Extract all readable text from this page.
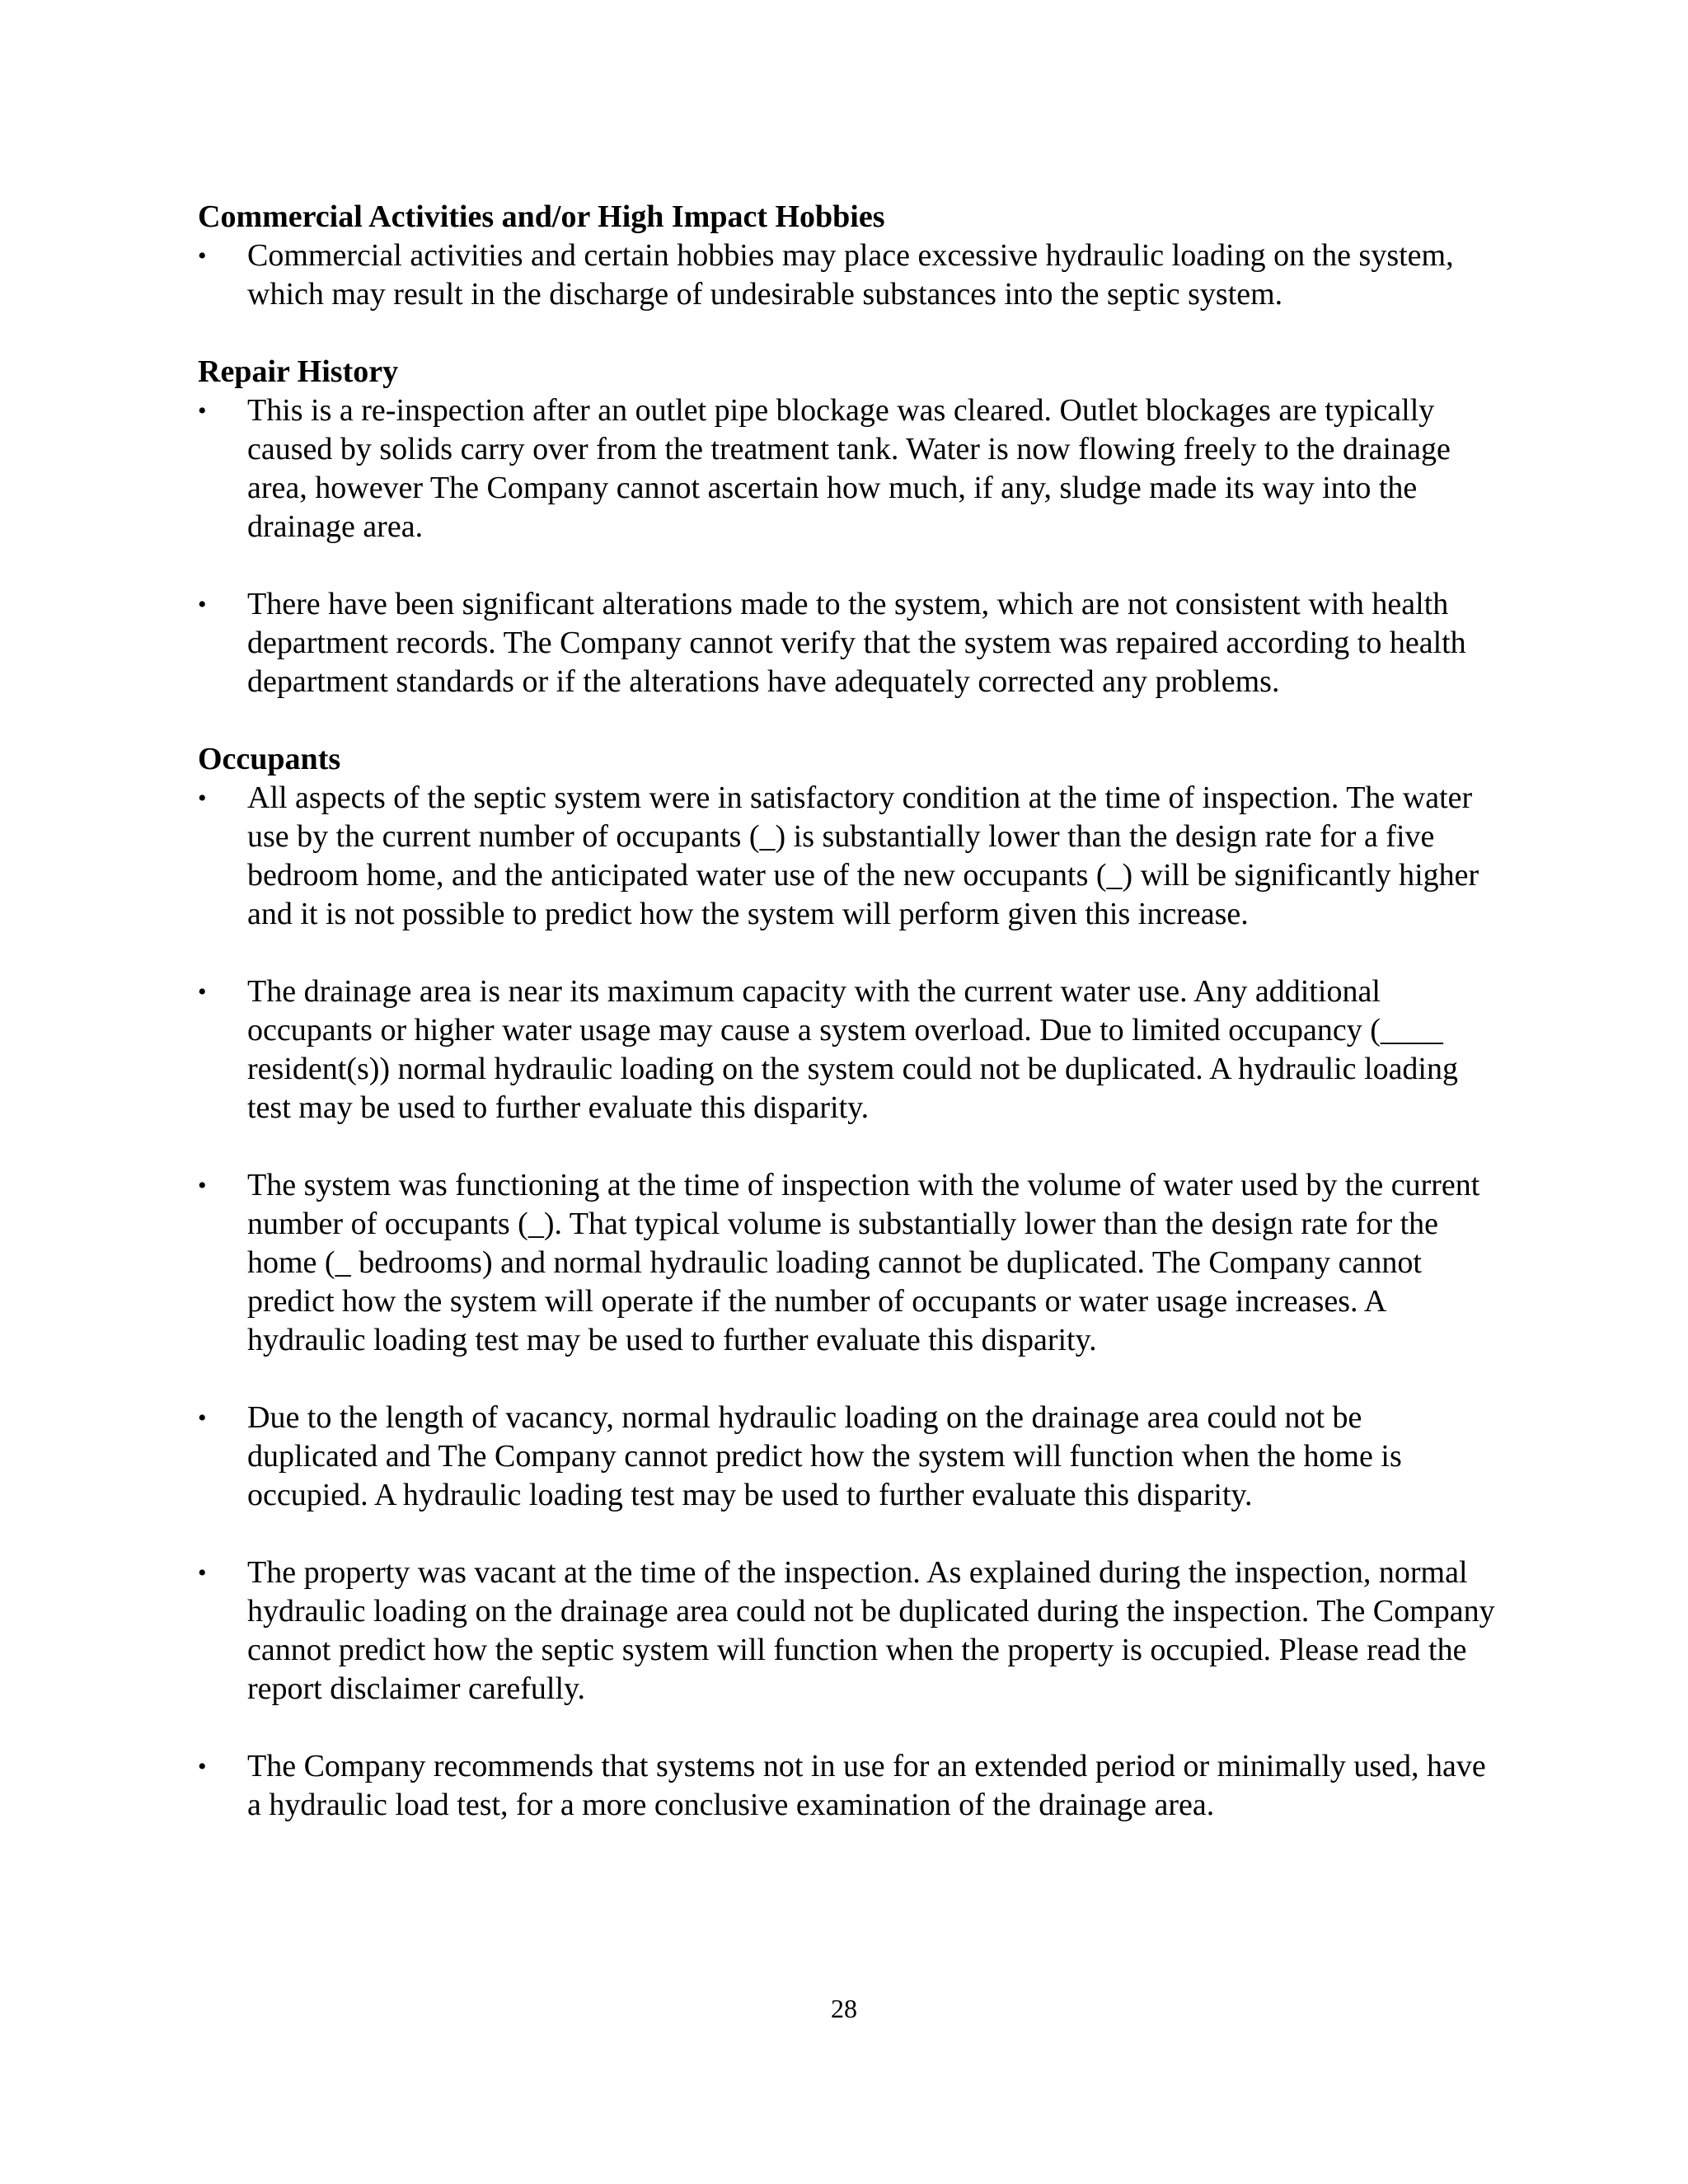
Commercial Activities and/or High Impact Hobbies

• Commercial activities and certain hobbies may place excessive hydraulic loading on the system, which may result in the discharge of undesirable substances into the septic system.

Repair History

• This is a re-inspection after an outlet pipe blockage was cleared. Outlet blockages are typically caused by solids carry over from the treatment tank. Water is now flowing freely to the drainage area, however The Company cannot ascertain how much, if any, sludge made its way into the drainage area.
• There have been significant alterations made to the system, which are not consistent with health department records. The Company cannot verify that the system was repaired according to health department standards or if the alterations have adequately corrected any problems.

Occupants

• All aspects of the septic system were in satisfactory condition at the time of inspection. The water use by the current number of occupants (_) is substantially lower than the design rate for a five bedroom home, and the anticipated water use of the new occupants (_) will be significantly higher and it is not possible to predict how the system will perform given this increase.
• The drainage area is near its maximum capacity with the current water use. Any additional occupants or higher water usage may cause a system overload. Due to limited occupancy (____ resident(s)) normal hydraulic loading on the system could not be duplicated. A hydraulic loading test may be used to further evaluate this disparity.
• The system was functioning at the time of inspection with the volume of water used by the current number of occupants (_). That typical volume is substantially lower than the design rate for the home (_ bedrooms) and normal hydraulic loading cannot be duplicated. The Company cannot predict how the system will operate if the number of occupants or water usage increases. A hydraulic loading test may be used to further evaluate this disparity.
• Due to the length of vacancy, normal hydraulic loading on the drainage area could not be duplicated and The Company cannot predict how the system will function when the home is occupied. A hydraulic loading test may be used to further evaluate this disparity.
• The property was vacant at the time of the inspection. As explained during the inspection, normal hydraulic loading on the drainage area could not be duplicated during the inspection. The Company cannot predict how the septic system will function when the property is occupied. Please read the report disclaimer carefully.
• The Company recommends that systems not in use for an extended period or minimally used, have a hydraulic load test, for a more conclusive examination of the drainage area.
28
